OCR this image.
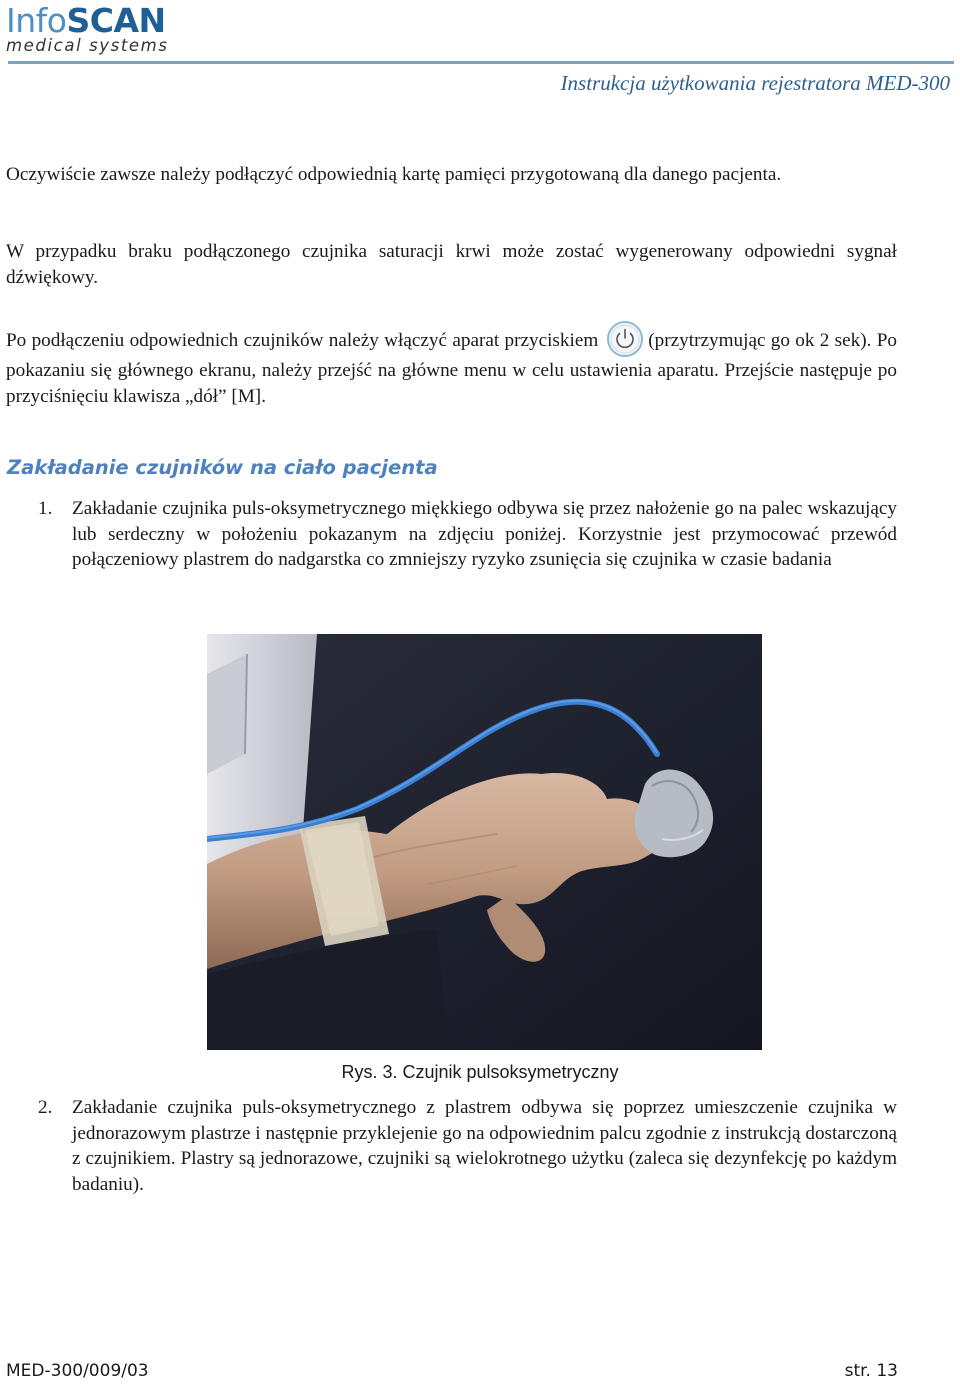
InfoSCAN
medical systems
Instrukcja użytkowania rejestratora MED-300

Oczywiście zawsze należy podłączyć odpowiednią kartę pamięci przygotowaną dla danego pacjenta.

W przypadku braku podłączonego czujnika saturacji krwi może zostać wygenerowany odpowiedni sygnał dźwiękowy.

Po podłączeniu odpowiednich czujników należy włączyć aparat przyciskiem	(przytrzymując go ok 2 sek). Po pokazaniu się głównego ekranu, należy przejść na główne menu w celu ustawienia aparatu. Przejście następuje po przyciśnięciu klawisza „dół” [M].

Zakładanie czujników na ciało pacjenta
1.	Zakładanie czujnika puls-oksymetrycznego miękkiego odbywa się przez nałożenie go na palec wskazujący lub serdeczny w położeniu pokazanym na zdjęciu poniżej. Korzystnie jest przymocować przewód połączeniowy plastrem do nadgarstka co zmniejszy ryzyko zsunięcia się czujnika w czasie badania
Rys. 3. Czujnik pulsoksymetryczny
2.	Zakładanie czujnika puls-oksymetrycznego z plastrem odbywa się poprzez umieszczenie czujnika w jednorazowym plastrze i następnie przyklejenie go na odpowiednim palcu zgodnie z instrukcją dostarczoną z czujnikiem. Plastry są jednorazowe, czujniki są wielokrotnego użytku (zaleca się dezynfekcję po każdym badaniu).
MED-300/009/03	str. 13
